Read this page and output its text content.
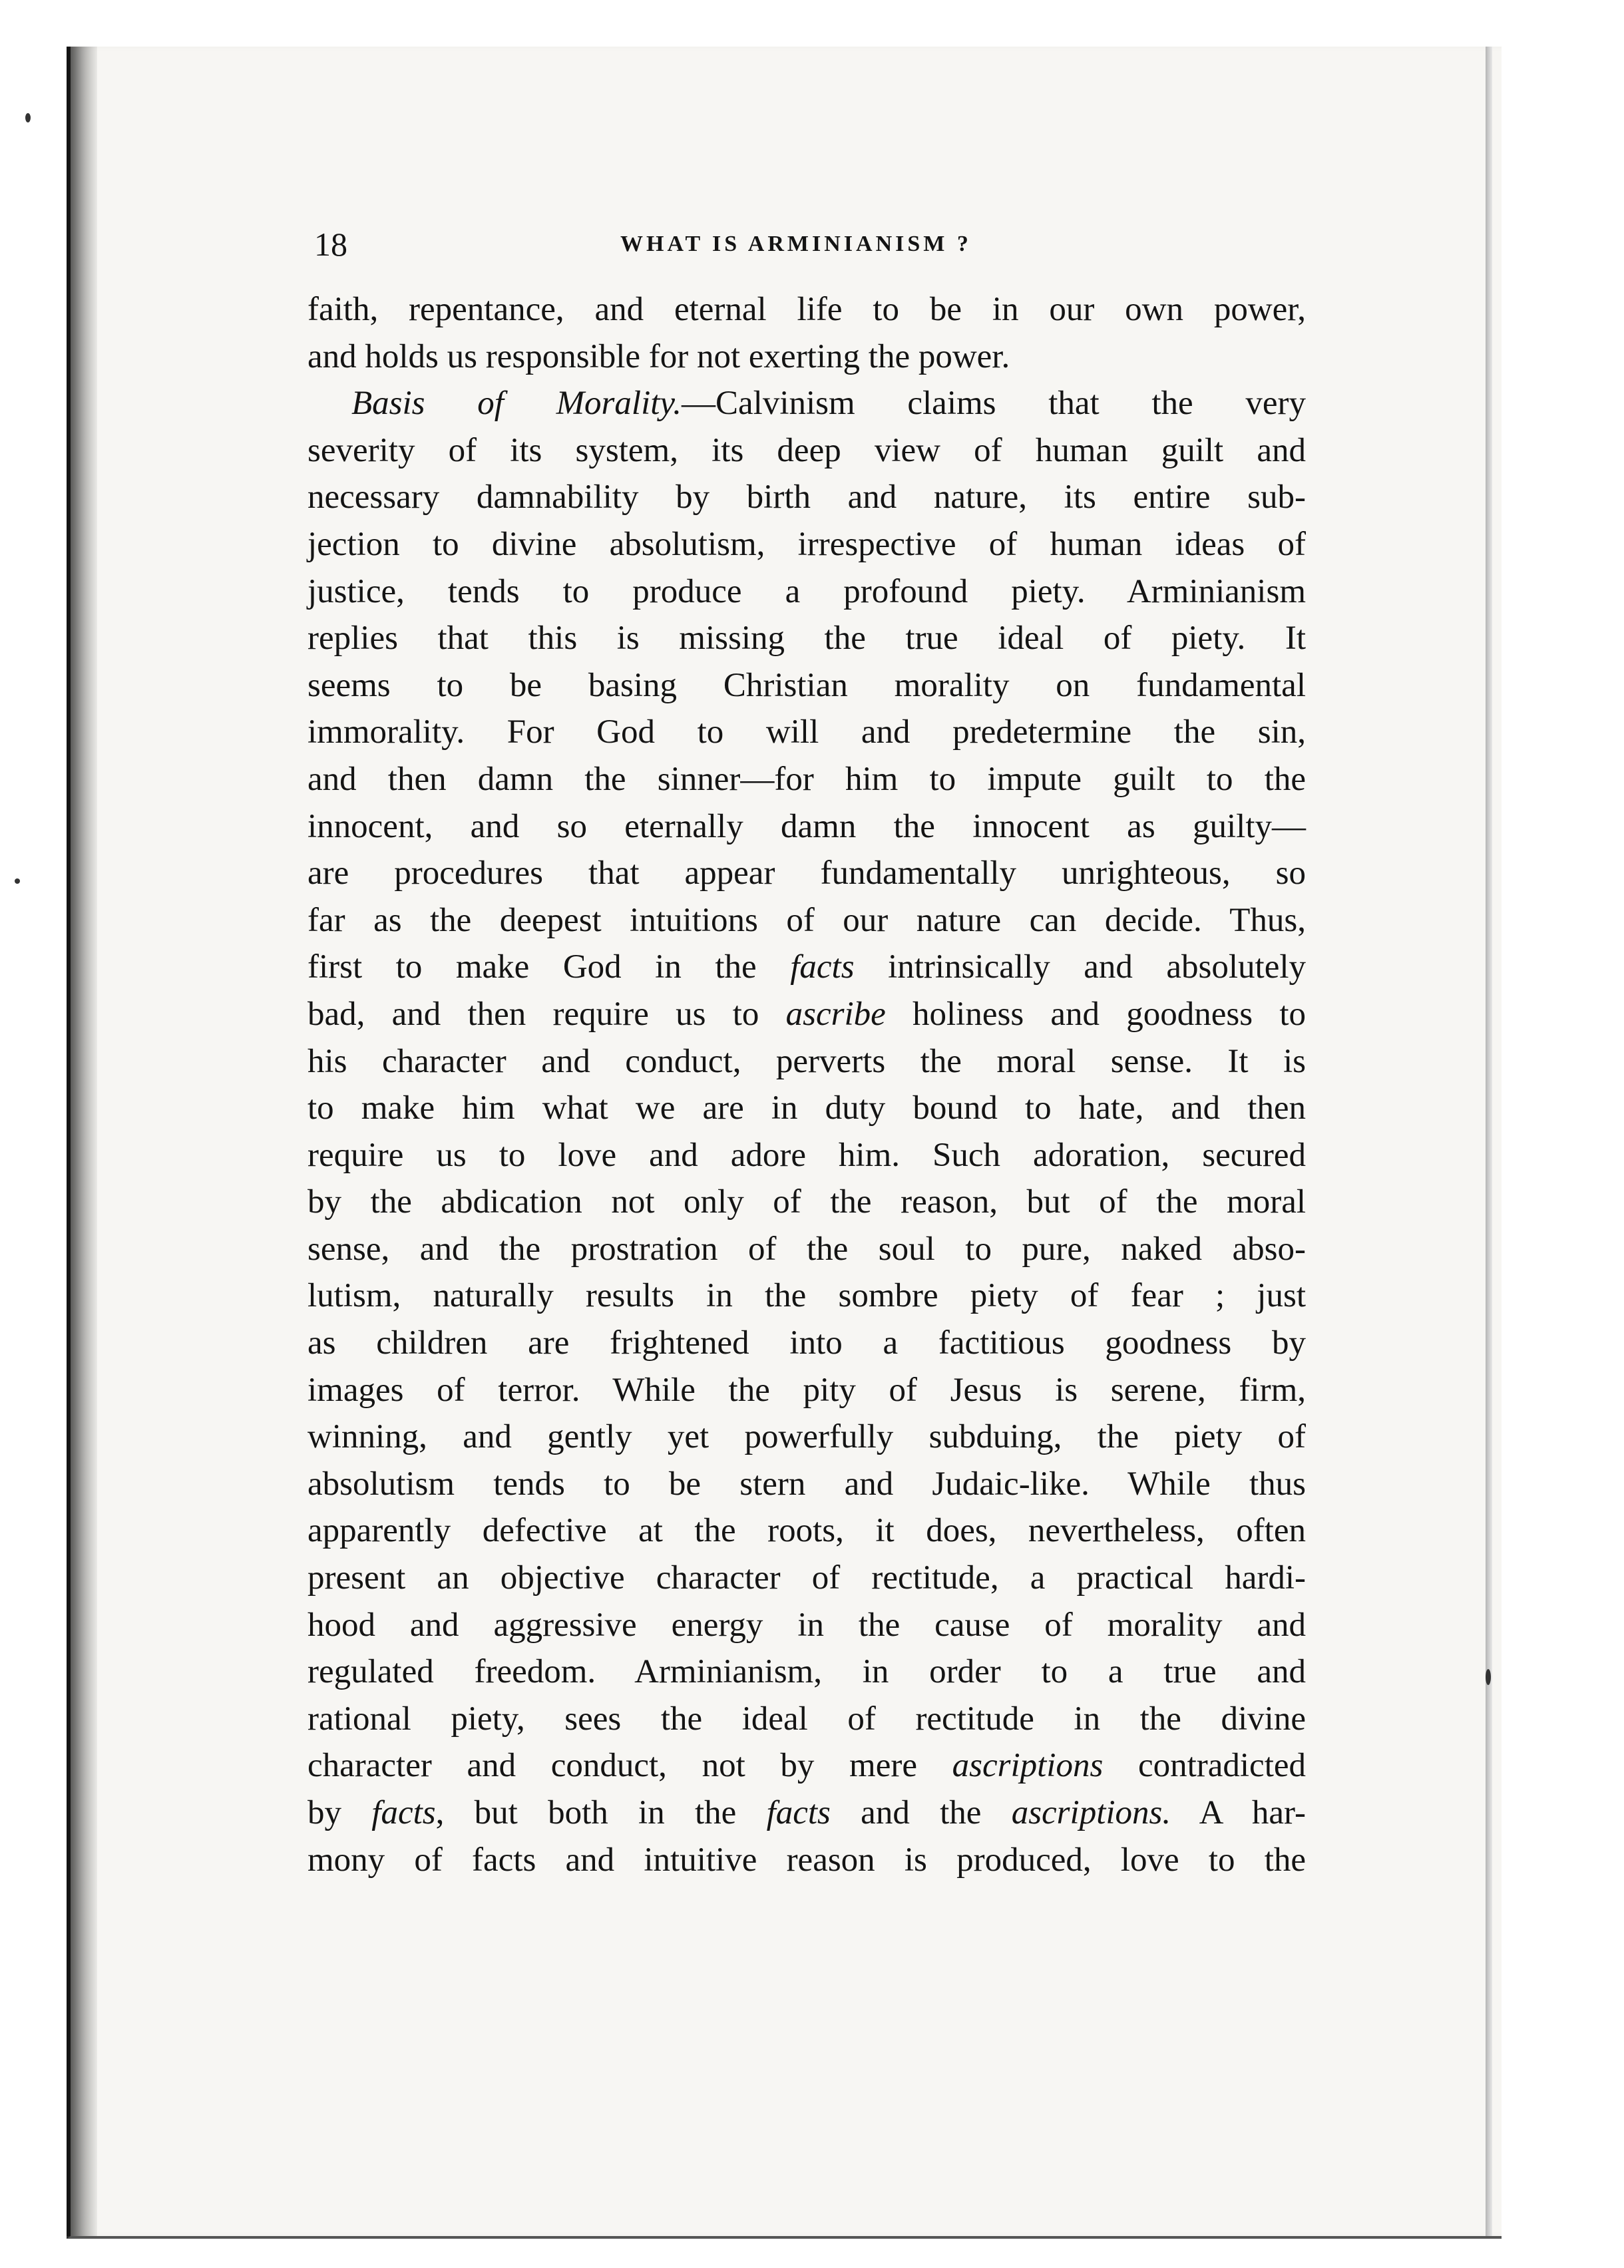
18	WHAT IS ARMINIANISM ?
faith, repentance, and eternal life to be in our own power,
and holds us responsible for not exerting the power.
Basis of Morality.—Calvinism claims that the very
severity of its system, its deep view of human guilt and
necessary damnability by birth and nature, its entire sub-
jection to divine absolutism, irrespective of human ideas of
justice, tends to produce a profound piety. Arminianism
replies that this is missing the true ideal of piety. It
seems to be basing Christian morality on fundamental
immorality. For God to will and predetermine the sin,
and then damn the sinner—for him to impute guilt to the
innocent, and so eternally damn the innocent as guilty—
are procedures that appear fundamentally unrighteous, so
far as the deepest intuitions of our nature can decide. Thus,
first to make God in the facts intrinsically and absolutely
bad, and then require us to ascribe holiness and goodness to
his character and conduct, perverts the moral sense. It is
to make him what we are in duty bound to hate, and then
require us to love and adore him. Such adoration, secured
by the abdication not only of the reason, but of the moral
sense, and the prostration of the soul to pure, naked abso-
lutism, naturally results in the sombre piety of fear ; just
as children are frightened into a factitious goodness by
images of terror. While the pity of Jesus is serene, firm,
winning, and gently yet powerfully subduing, the piety of
absolutism tends to be stern and Judaic-like. While thus
apparently defective at the roots, it does, nevertheless, often
present an objective character of rectitude, a practical hardi-
hood and aggressive energy in the cause of morality and
regulated freedom. Arminianism, in order to a true and
rational piety, sees the ideal of rectitude in the divine
character and conduct, not by mere ascriptions contradicted
by facts, but both in the facts and the ascriptions. A har-
mony of facts and intuitive reason is produced, love to the
